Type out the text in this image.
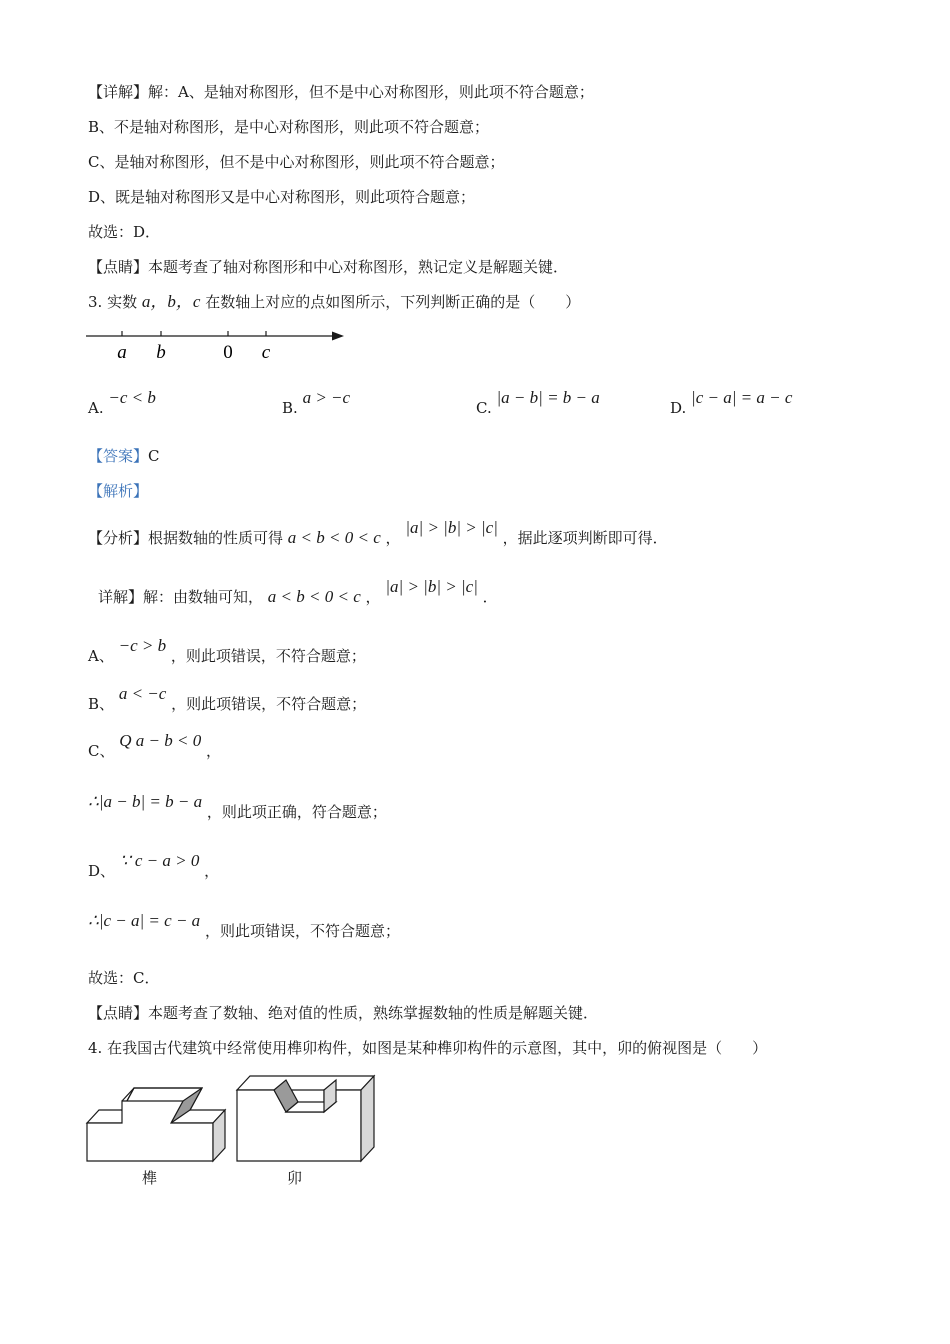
【详解】解：A、是轴对称图形，但不是中心对称图形，则此项不符合题意；
B、不是轴对称图形，是中心对称图形，则此项不符合题意；
C、是轴对称图形，但不是中心对称图形，则此项不符合题意；
D、既是轴对称图形又是中心对称图形，则此项符合题意；
故选：D．
【点睛】本题考查了轴对称图形和中心对称图形，熟记定义是解题关键．
3. 实数 a，b，c 在数轴上对应的点如图所示，下列判断正确的是（　　）
a b	0 c
A. −c < b
B. a > −c
C. |a − b| = b − a
D. |c − a| = a − c
【答案】C
【解析】
【分析】根据数轴的性质可得 a < b < 0 < c ， |a| > |b| > |c| ，据此逐项判断即可得．
详解】解：由数轴可知， a < b < 0 < c ， |a| > |b| > |c| ．
A、 −c > b ，则此项错误，不符合题意；
B、 a < −c ，则此项错误，不符合题意；
C、 Q a − b < 0 ，
∴|a − b| = b − a ，则此项正确，符合题意；
D、 ∵ c − a > 0 ，
∴|c − a| = c − a ，则此项错误，不符合题意；
故选：C．
【点睛】本题考查了数轴、绝对值的性质，熟练掌握数轴的性质是解题关键．
4. 在我国古代建筑中经常使用榫卯构件，如图是某种榫卯构件的示意图，其中，卯的俯视图是（　　）
榫	卯
